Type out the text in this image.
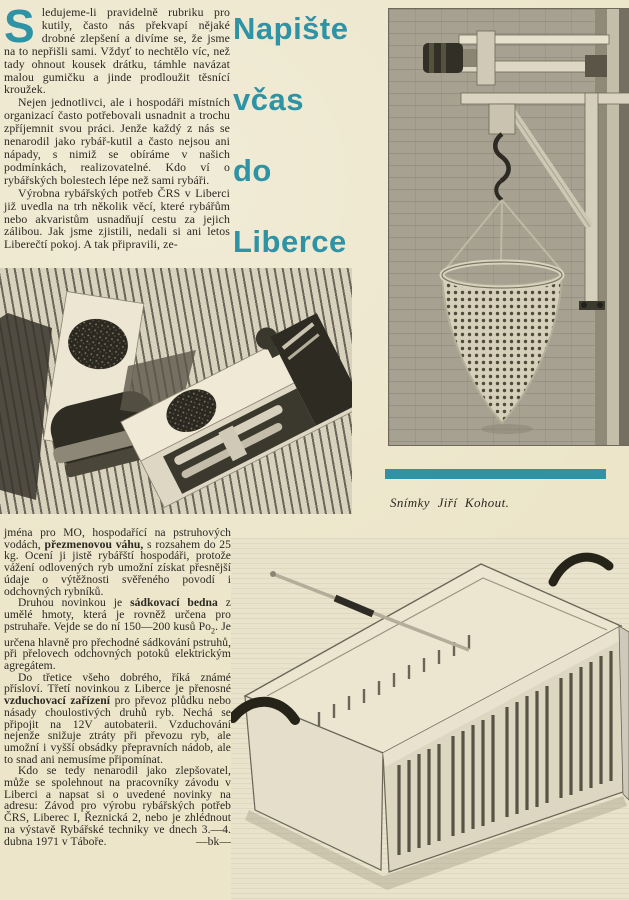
Sledujeme-li pravidelně rubriku pro kutily, často nás překvapí nějaké drobné zlepšení a divíme se, že jsme na to nepřišli sami. Vždyť to nechtělo víc, než tady ohnout kousek drátku, támhle navázat malou gumičku a jinde prodloužit těsnící kroužek.

Nejen jednotlivci, ale i hospodáři místních organizací často potřebovali usnadnit a trochu zpříjemnit svou práci. Jenže každý z nás se nenarodil jako rybář-kutil a často nejsou ani nápady, s nimiž se obíráme v našich podmínkách, realizovatelné. Kdo ví o rybářských bolestech lépe než sami rybáři.

Výrobna rybářských potřeb ČRS v Liberci již uvedla na trh několik věcí, které rybářům nebo akvaristům usnadňují cestu za jejich zálibou. Jak jsme zjistili, nedali si ani letos Liberečtí pokoj. A tak připravili, ze-

Napište
včas
do
Liberce
Snímky Jiří Kohout.

jména pro MO, hospodařící na pstruhových vodách, přezmenovou váhu, s rozsahem do 25 kg. Ocení ji jistě rybářští hospodáři, protože vážení odlovených ryb umožní získat přesnější údaje o výtěžnosti svěřeného povodí i odchovných rybníků.

Druhou novinkou je sádkovací bedna z umělé hmoty, která je rovněž určena pro pstruhaře. Vejde se do ní 150—200 kusů $Po_2$. Je určena hlavně pro přechodné sádkování pstruhů, při přelovech odchovných potoků elektrickým agregátem.

Do třetice všeho dobrého, říká známé přísloví. Třetí novinkou z Liberce je přenosné vzduchovací zařízení pro převoz plůdku nebo násady choulostivých druhů ryb. Nechá se připojit na 12V autobaterii. Vzduchování nejenže snižuje ztráty při převozu ryb, ale umožní i vyšší obsádky přepravních nádob, ale to snad ani nemusíme připomínat.

Kdo se tedy nenarodil jako zlepšovatel, může se spolehnout na pracovníky závodu v Liberci a napsat si o uvedené novinky na adresu: Závod pro výrobu rybářských potřeb ČRS, Liberec I, Řeznická 2, nebo je zhlédnout na výstavě Rybářské techniky ve dnech 3.—4. dubna 1971 v Táboře.	—bk—
